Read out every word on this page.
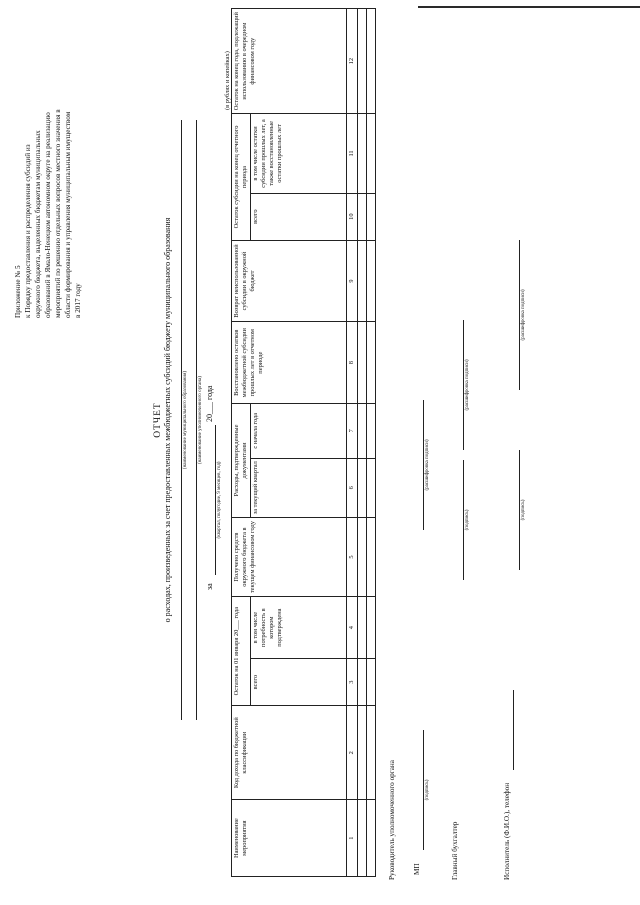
Приложение № 5 к Порядку предоставления и распределения субсидий из окружного бюджета, выделенных бюджетам муниципальных образований в Ямало-Ненецком автономном округе на реализацию мероприятий по решению отдельных вопросов местного значения в области формирования и управления муниципальным имуществом в 2017 году
ОТЧЕТ о расходах, произведенных за счет предоставленных межбюджетных субсидий бюджету муниципального образования (наименование муниципального образования) (наименование уполномоченного органа)
за
20___ года
(квартал, полугодие, 9 месяцев, год)
(в рублях и копейках)
Наименование мероприятия	Код дохода по бюджетной классификации	Остаток на 01 января 20___ года		Получено средств окружного бюджета в текущем финансовом году	Расходы, подтвержденные документами		Восстановлено остатков межбюджетной субсидии прошлых лет в отчетном периоде	Возврат неиспользованной субсидии в окружной бюджет	Остаток субсидии на конец отчетного периода		Остаток на конец года, подлежащий использованию в очередном финансовом году
		всего	в том числе потребность в котором подтверждена		за текущий квартал	с начала года			всего	в том числе остатки субсидии прошлых лет, а также восстановленные остатки прошлых лет	
1	2	3	4	5	6	7	8	9	10	11	12

Руководитель уполномоченного органа МП
(подпись)
(расшифровка подписи)
Главный бухгалтер
(подпись)
(расшифровка подписи)
Исполнитель (Ф.И.О.), телефон
(подпись)
(расшифровка подписи)
